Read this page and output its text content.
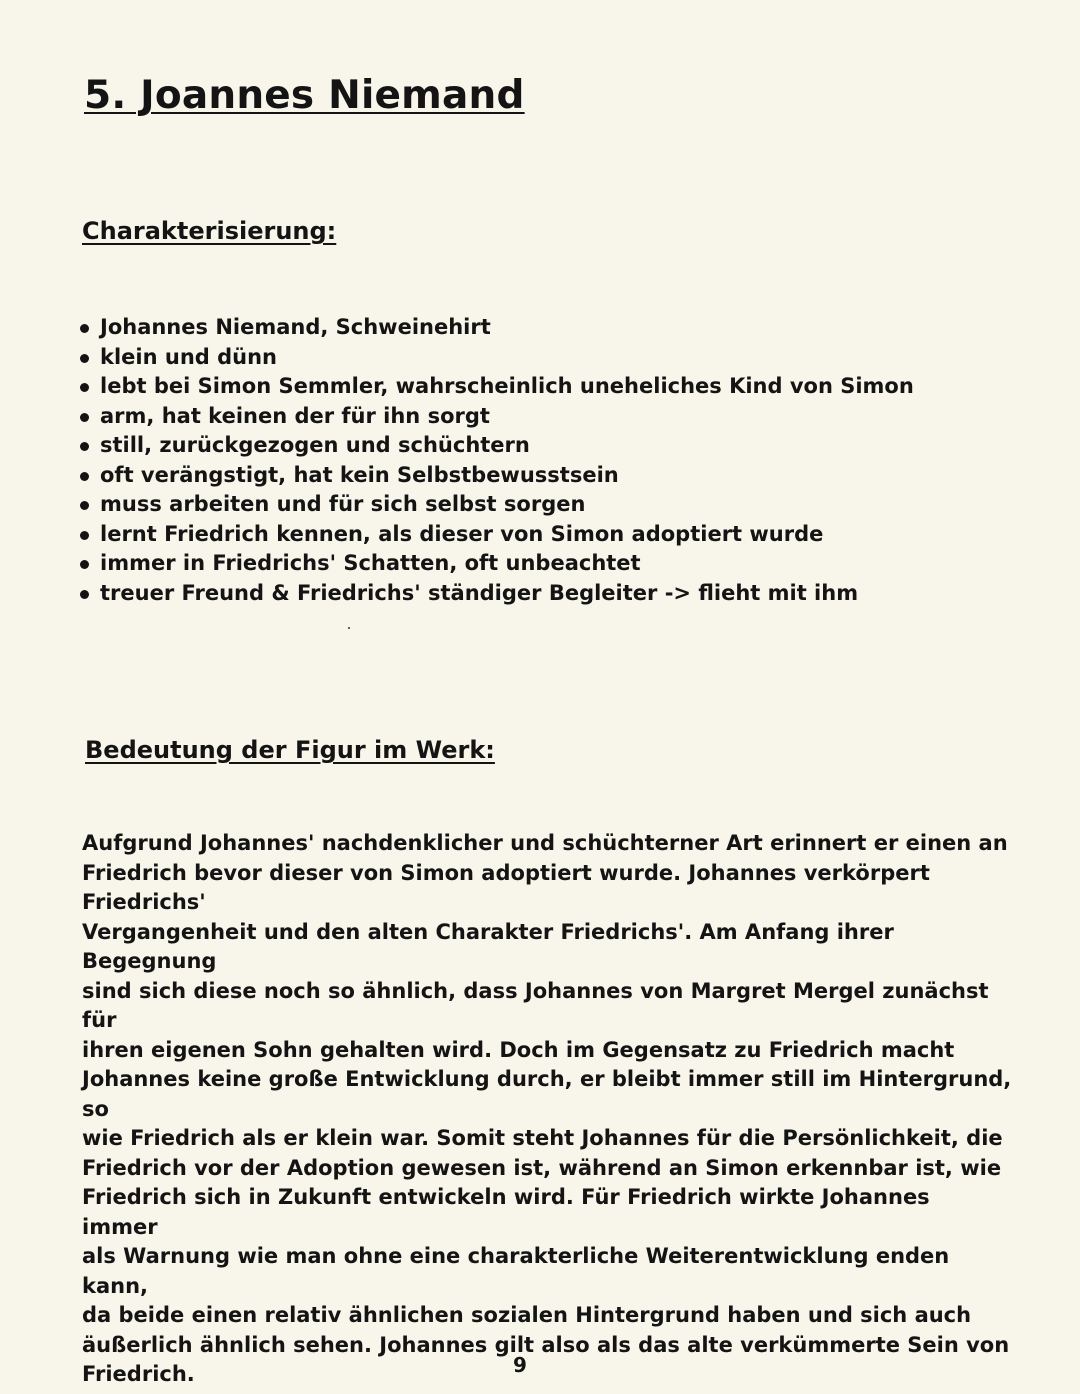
5. Joannes Niemand
Charakterisierung:
Johannes Niemand, Schweinehirt
klein und dünn
lebt bei Simon Semmler, wahrscheinlich uneheliches Kind von Simon
arm, hat keinen der für ihn sorgt
still, zurückgezogen und schüchtern
oft verängstigt, hat kein Selbstbewusstsein
muss arbeiten und für sich selbst sorgen
lernt Friedrich kennen, als dieser von Simon adoptiert wurde
immer in Friedrichs' Schatten, oft unbeachtet
treuer Freund & Friedrichs' ständiger Begleiter -> flieht mit ihm
Bedeutung der Figur im Werk:
Aufgrund Johannes' nachdenklicher und schüchterner Art erinnert er einen an
Friedrich bevor dieser von Simon adoptiert wurde. Johannes verkörpert Friedrichs'
Vergangenheit und den alten Charakter Friedrichs'. Am Anfang ihrer Begegnung
sind sich diese noch so ähnlich, dass Johannes von Margret Mergel zunächst für
ihren eigenen Sohn gehalten wird. Doch im Gegensatz zu Friedrich macht
Johannes keine große Entwicklung durch, er bleibt immer still im Hintergrund, so
wie Friedrich als er klein war. Somit steht Johannes für die Persönlichkeit, die
Friedrich vor der Adoption gewesen ist, während an Simon erkennbar ist, wie
Friedrich sich in Zukunft entwickeln wird. Für Friedrich wirkte Johannes immer
als Warnung wie man ohne eine charakterliche Weiterentwicklung enden kann,
da beide einen relativ ähnlichen sozialen Hintergrund haben und sich auch
äußerlich ähnlich sehen. Johannes gilt also als das alte verkümmerte Sein von
Friedrich.	9
